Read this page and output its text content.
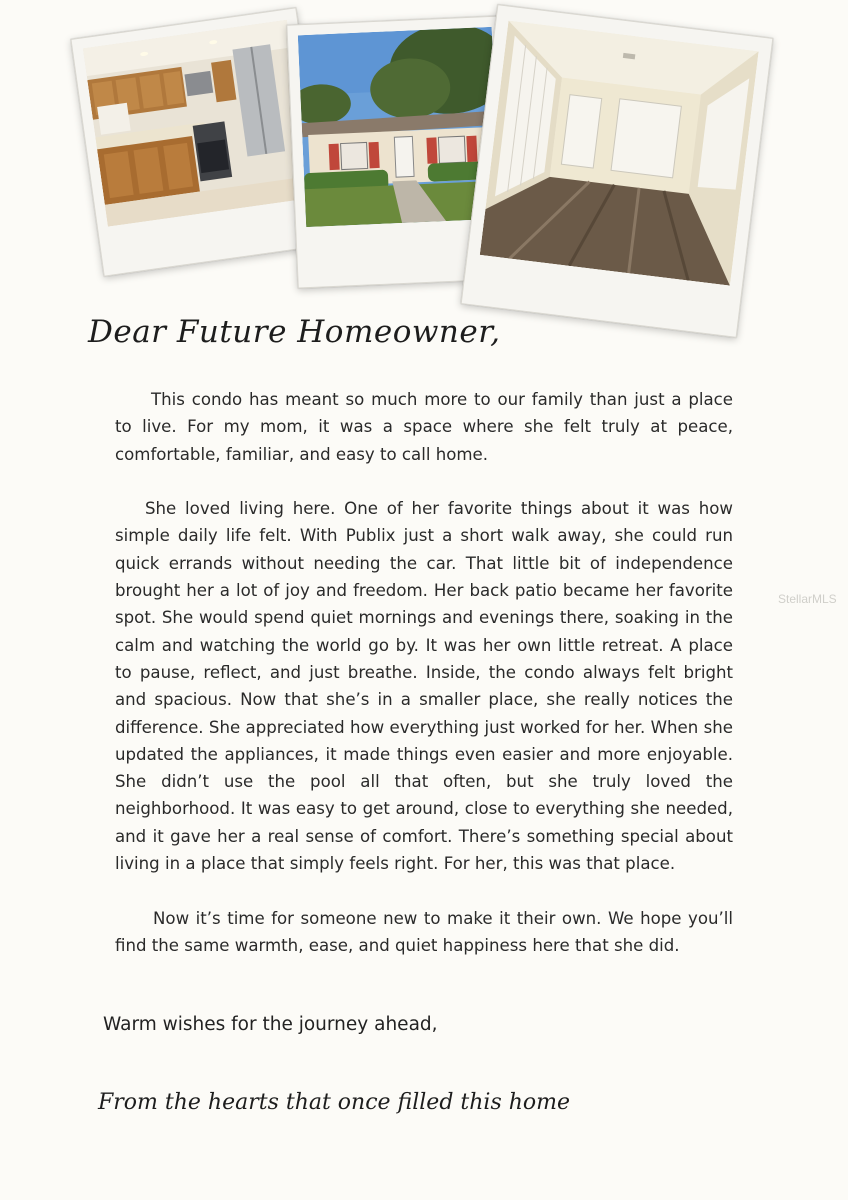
Dear Future Homeowner,

This condo has meant so much more to our family than just a place to live. For my mom, it was a space where she felt truly at peace, comfortable, familiar, and easy to call home.

She loved living here. One of her favorite things about it was how simple daily life felt. With Publix just a short walk away, she could run quick errands without needing the car. That little bit of independence brought her a lot of joy and freedom. Her back patio became her favorite spot. She would spend quiet mornings and evenings there, soaking in the calm and watching the world go by. It was her own little retreat. A place to pause, reflect, and just breathe. Inside, the condo always felt bright and spacious. Now that she’s in a smaller place, she really notices the difference. She appreciated how everything just worked for her. When she updated the appliances, it made things even easier and more enjoyable. She didn’t use the pool all that often, but she truly loved the neighborhood. It was easy to get around, close to everything she needed, and it gave her a real sense of comfort. There’s something special about living in a place that simply feels right. For her, this was that place.

Now it’s time for someone new to make it their own. We hope you’ll find the same warmth, ease, and quiet happiness here that she did.

Warm wishes for the journey ahead,
From the hearts that once filled this home
StellarMLS
